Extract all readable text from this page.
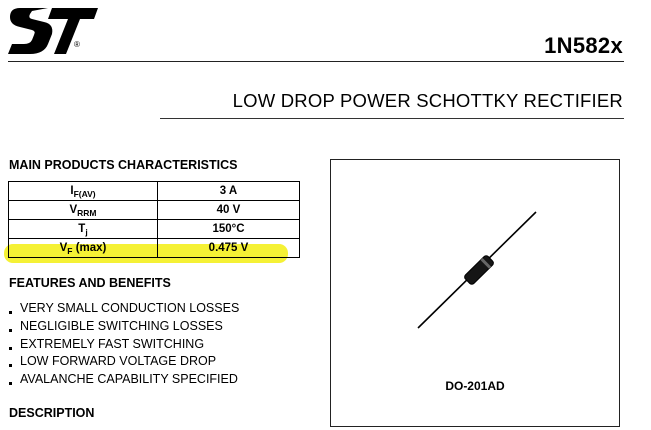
®	1N582x
LOW DROP POWER SCHOTTKY RECTIFIER
MAIN PRODUCTS CHARACTERISTICS
$I_{F(AV)}$	3 A
$V_{RRM}$	40 V
$T_j$	150°C
$V_F$ (max)	0.475 V
FEATURES AND BENEFITS
VERY SMALL CONDUCTION LOSSES
NEGLIGIBLE SWITCHING LOSSES
EXTREMELY FAST SWITCHING
LOW FORWARD VOLTAGE DROP
AVALANCHE CAPABILITY SPECIFIED	DO-201AD
DESCRIPTION
